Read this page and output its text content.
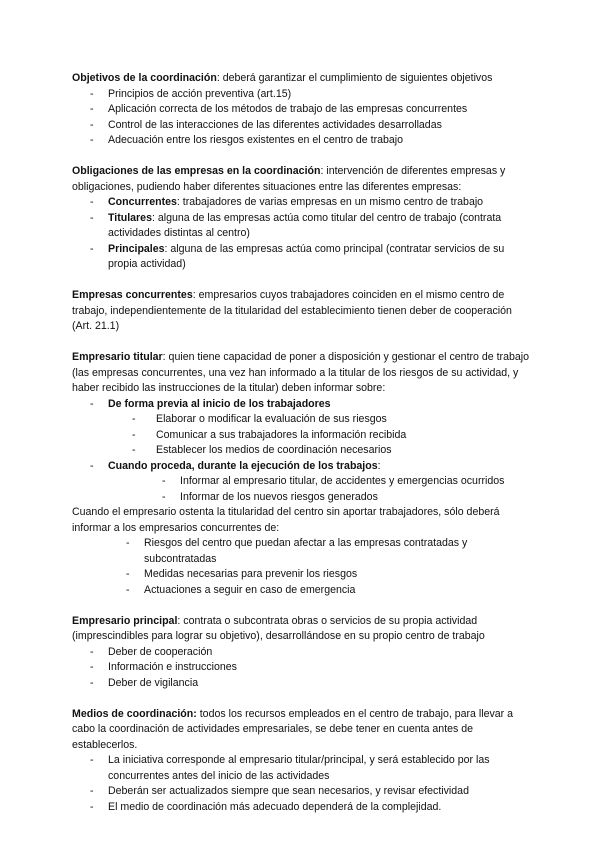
Objetivos de la coordinación: deberá garantizar el cumplimiento de siguientes objetivos

- Principios de acción preventiva (art.15)
- Aplicación correcta de los métodos de trabajo de las empresas concurrentes
- Control de las interacciones de las diferentes actividades desarrolladas
- Adecuación entre los riesgos existentes en el centro de trabajo

Obligaciones de las empresas en la coordinación: intervención de diferentes empresas y obligaciones, pudiendo haber diferentes situaciones entre las diferentes empresas:

- Concurrentes: trabajadores de varias empresas en un mismo centro de trabajo
- Titulares: alguna de las empresas actúa como titular del centro de trabajo (contrata actividades distintas al centro)
- Principales: alguna de las empresas actúa como principal (contratar servicios de su propia actividad)

Empresas concurrentes: empresarios cuyos trabajadores coinciden en el mismo centro de trabajo, independientemente de la titularidad del establecimiento tienen deber de cooperación (Art. 21.1)

Empresario titular: quien tiene capacidad de poner a disposición y gestionar el centro de trabajo (las empresas concurrentes, una vez han informado a la titular de los riesgos de su actividad, y haber recibido las instrucciones de la titular) deben informar sobre:

- De forma previa al inicio de los trabajadores
- Elaborar o modificar la evaluación de sus riesgos
- Comunicar a sus trabajadores la información recibida
- Establecer los medios de coordinación necesarios
- Cuando proceda, durante la ejecución de los trabajos:
- Informar al empresario titular, de accidentes y emergencias ocurridos
- Informar de los nuevos riesgos generados

Cuando el empresario ostenta la titularidad del centro sin aportar trabajadores, sólo deberá informar a los empresarios concurrentes de:

- Riesgos del centro que puedan afectar a las empresas contratadas y subcontratadas
- Medidas necesarias para prevenir los riesgos
- Actuaciones a seguir en caso de emergencia

Empresario principal: contrata o subcontrata obras o servicios de su propia actividad (imprescindibles para lograr su objetivo), desarrollándose en su propio centro de trabajo

- Deber de cooperación
- Información e instrucciones
- Deber de vigilancia

Medios de coordinación: todos los recursos empleados en el centro de trabajo, para llevar a cabo la coordinación de actividades empresariales, se debe tener en cuenta antes de establecerlos.

- La iniciativa corresponde al empresario titular/principal, y será establecido por las concurrentes antes del inicio de las actividades
- Deberán ser actualizados siempre que sean necesarios, y revisar efectividad
- El medio de coordinación más adecuado dependerá de la complejidad.
